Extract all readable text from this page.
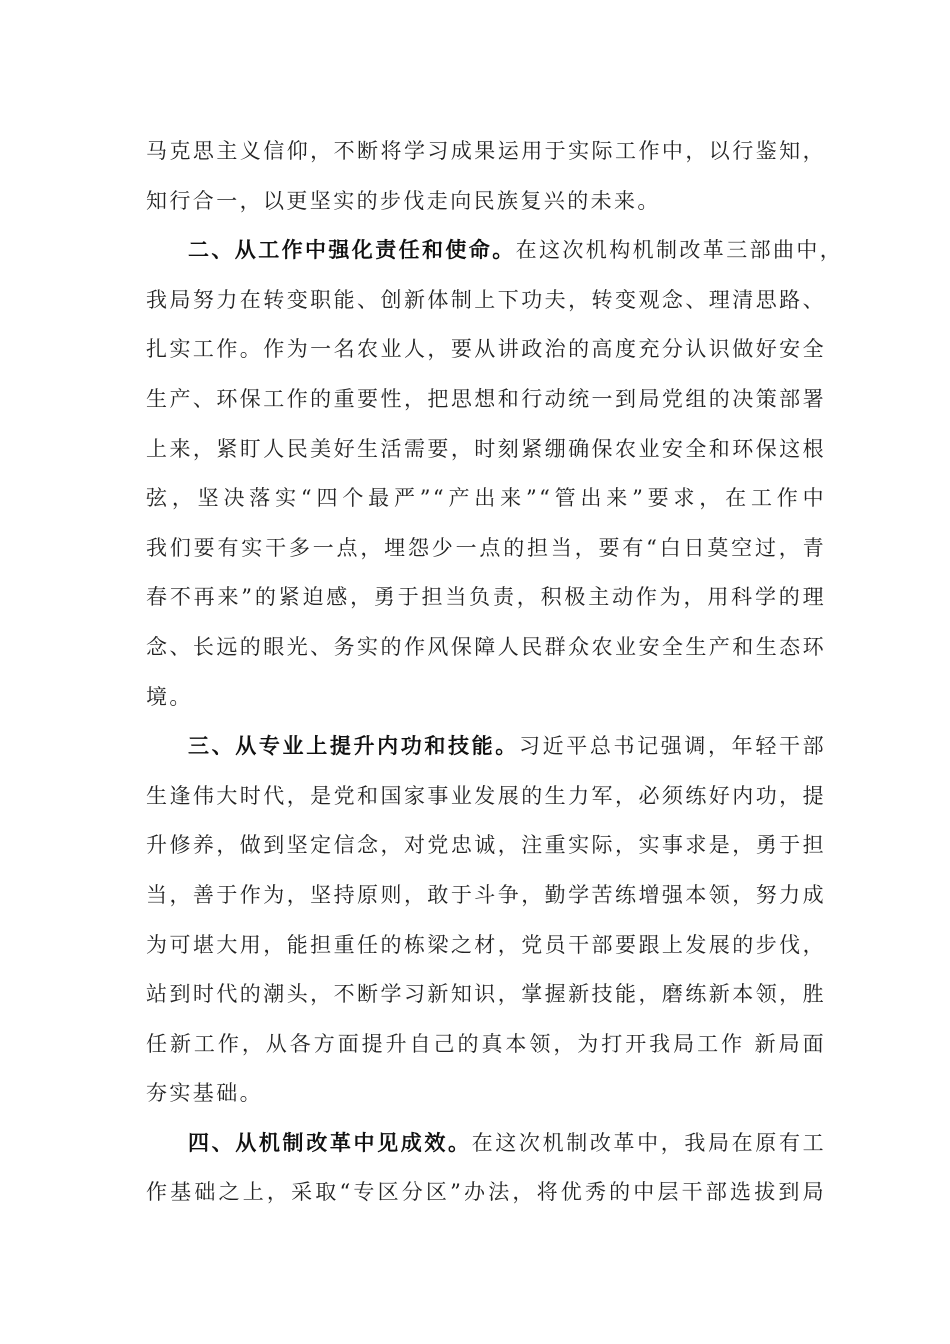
马克思主义信仰，不断将学习成果运用于实际工作中，以行鉴知，
知行合一，以更坚实的步伐走向民族复兴的未来。
二、从工作中强化责任和使命。在这次机构机制改革三部曲中，
我局努力在转变职能、创新体制上下功夫，转变观念、理清思路、
扎实工作。作为一名农业人，要从讲政治的高度充分认识做好安全
生产、环保工作的重要性，把思想和行动统一到局党组的决策部署
上来，紧盯人民美好生活需要，时刻紧绷确保农业安全和环保这根
弦，坚决落实“四个最严”“产出来”“管出来”要求，在工作中
我们要有实干多一点，埋怨少一点的担当，要有“白日莫空过，青
春不再来”的紧迫感，勇于担当负责，积极主动作为，用科学的理
念、长远的眼光、务实的作风保障人民群众农业安全生产和生态环
境。
三、从专业上提升内功和技能。习近平总书记强调，年轻干部
生逢伟大时代，是党和国家事业发展的生力军，必须练好内功，提
升修养，做到坚定信念，对党忠诚，注重实际，实事求是，勇于担
当，善于作为，坚持原则，敢于斗争，勤学苦练增强本领，努力成
为可堪大用，能担重任的栋梁之材，党员干部要跟上发展的步伐，
站到时代的潮头，不断学习新知识，掌握新技能，磨练新本领，胜
任新工作，从各方面提升自己的真本领，为打开我局工作 新局面
夯实基础。
四、从机制改革中见成效。在这次机制改革中，我局在原有工
作基础之上，采取“专区分区”办法，将优秀的中层干部选拔到局
